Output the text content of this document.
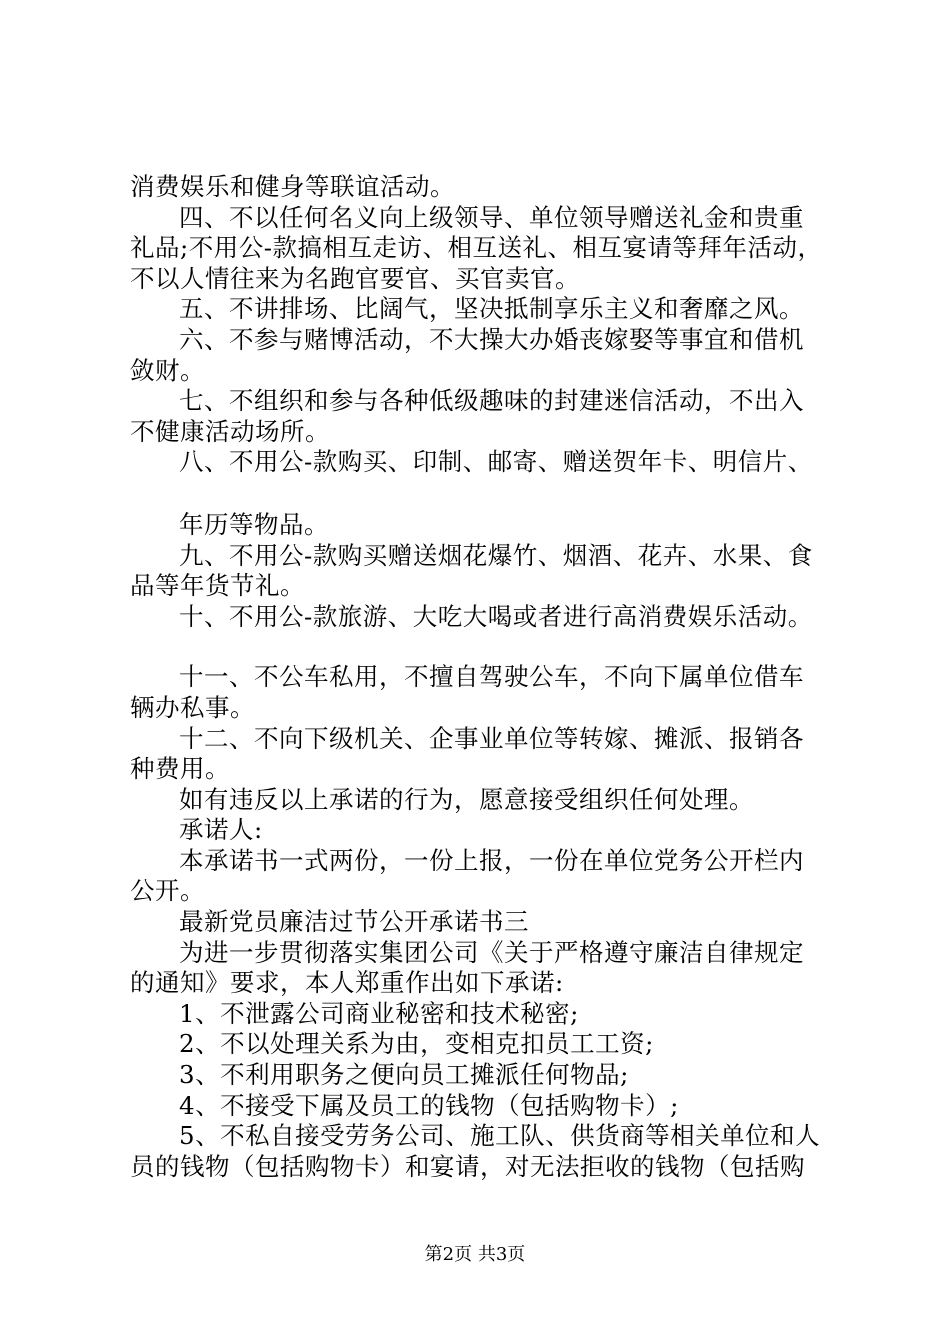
消费娱乐和健身等联谊活动。
四、不以任何名义向上级领导、单位领导赠送礼金和贵重
礼品;不用公-款搞相互走访、相互送礼、相互宴请等拜年活动，
不以人情往来为名跑官要官、买官卖官。
五、不讲排场、比阔气，坚决抵制享乐主义和奢靡之风。
六、不参与赌博活动，不大操大办婚丧嫁娶等事宜和借机
敛财。
七、不组织和参与各种低级趣味的封建迷信活动，不出入
不健康活动场所。
八、不用公-款购买、印制、邮寄、赠送贺年卡、明信片、
年历等物品。
九、不用公-款购买赠送烟花爆竹、烟酒、花卉、水果、食
品等年货节礼。
十、不用公-款旅游、大吃大喝或者进行高消费娱乐活动。
十一、不公车私用，不擅自驾驶公车，不向下属单位借车
辆办私事。
十二、不向下级机关、企事业单位等转嫁、摊派、报销各
种费用。
如有违反以上承诺的行为，愿意接受组织任何处理。
承诺人:
本承诺书一式两份，一份上报，一份在单位党务公开栏内
公开。
最新党员廉洁过节公开承诺书三
为进一步贯彻落实集团公司《关于严格遵守廉洁自律规定
的通知》要求，本人郑重作出如下承诺:
1、不泄露公司商业秘密和技术秘密;
2、不以处理关系为由，变相克扣员工工资;
3、不利用职务之便向员工摊派任何物品;
4、不接受下属及员工的钱物（包括购物卡）;
5、不私自接受劳务公司、施工队、供货商等相关单位和人
员的钱物（包括购物卡）和宴请，对无法拒收的钱物（包括购
第2页 共3页
